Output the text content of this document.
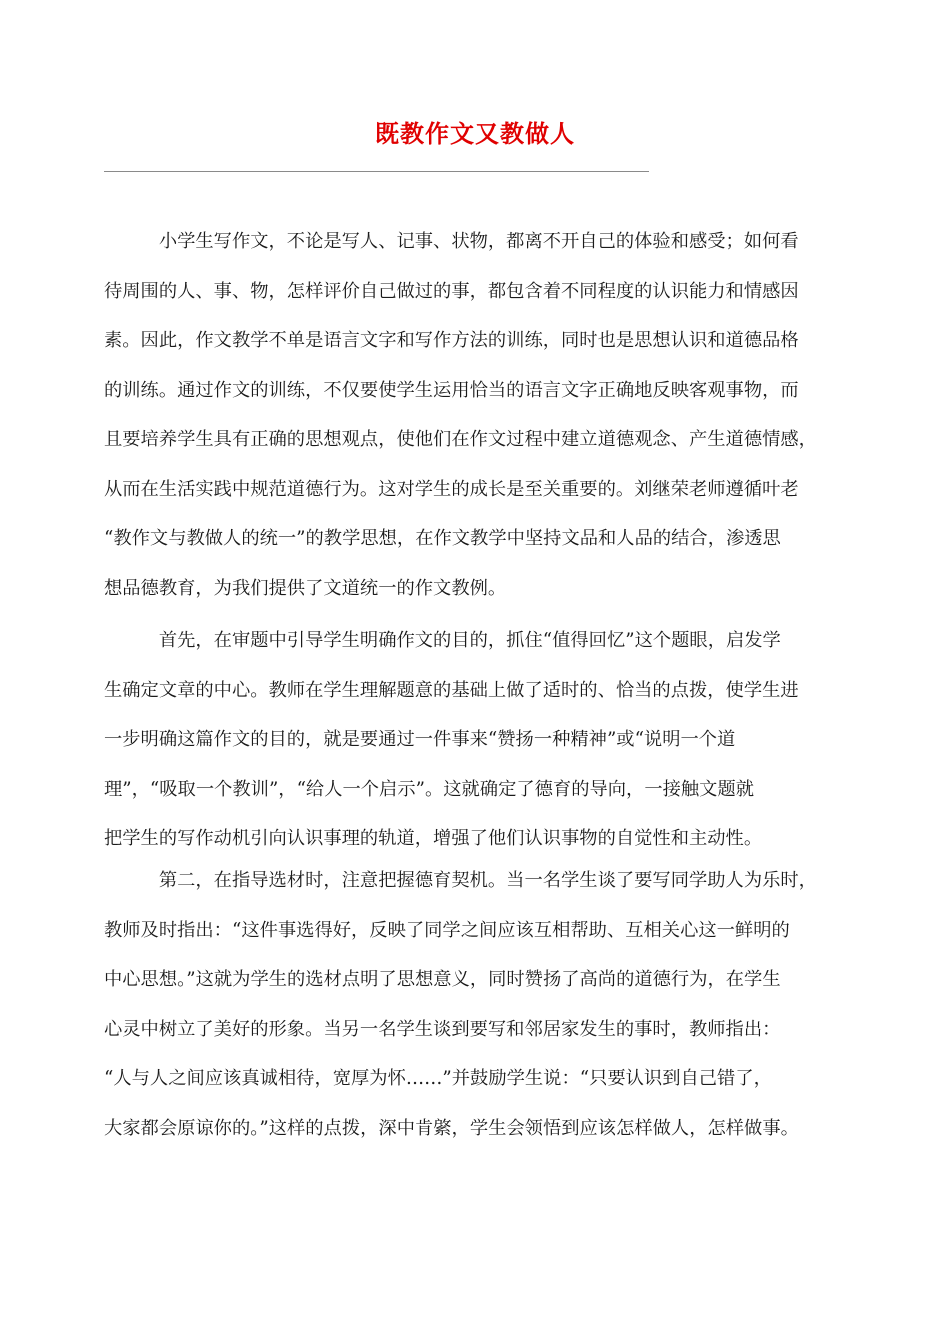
既教作文又教做人

　　　小学生写作文，不论是写人、记事、状物，都离不开自己的体验和感受；如何看
待周围的人、事、物，怎样评价自己做过的事，都包含着不同程度的认识能力和情感因
素。因此，作文教学不单是语言文字和写作方法的训练，同时也是思想认识和道德品格
的训练。通过作文的训练，不仅要使学生运用恰当的语言文字正确地反映客观事物，而
且要培养学生具有正确的思想观点，使他们在作文过程中建立道德观念、产生道德情感，
从而在生活实践中规范道德行为。这对学生的成长是至关重要的。刘继荣老师遵循叶老
“教作文与教做人的统一”的教学思想，在作文教学中坚持文品和人品的结合，渗透思
想品德教育，为我们提供了文道统一的作文教例。

　　　首先，在审题中引导学生明确作文的目的，抓住“值得回忆”这个题眼，启发学
生确定文章的中心。教师在学生理解题意的基础上做了适时的、恰当的点拨，使学生进
一步明确这篇作文的目的，就是要通过一件事来“赞扬一种精神”或“说明一个道
理”，“吸取一个教训”，“给人一个启示”。这就确定了德育的导向，一接触文题就
把学生的写作动机引向认识事理的轨道，增强了他们认识事物的自觉性和主动性。

　　　第二，在指导选材时，注意把握德育契机。当一名学生谈了要写同学助人为乐时，
教师及时指出：“这件事选得好，反映了同学之间应该互相帮助、互相关心这一鲜明的
中心思想。”这就为学生的选材点明了思想意义，同时赞扬了高尚的道德行为，在学生
心灵中树立了美好的形象。当另一名学生谈到要写和邻居家发生的事时，教师指出：
“人与人之间应该真诚相待，宽厚为怀……”并鼓励学生说：“只要认识到自己错了，
大家都会原谅你的。”这样的点拨，深中肯綮，学生会领悟到应该怎样做人，怎样做事。
